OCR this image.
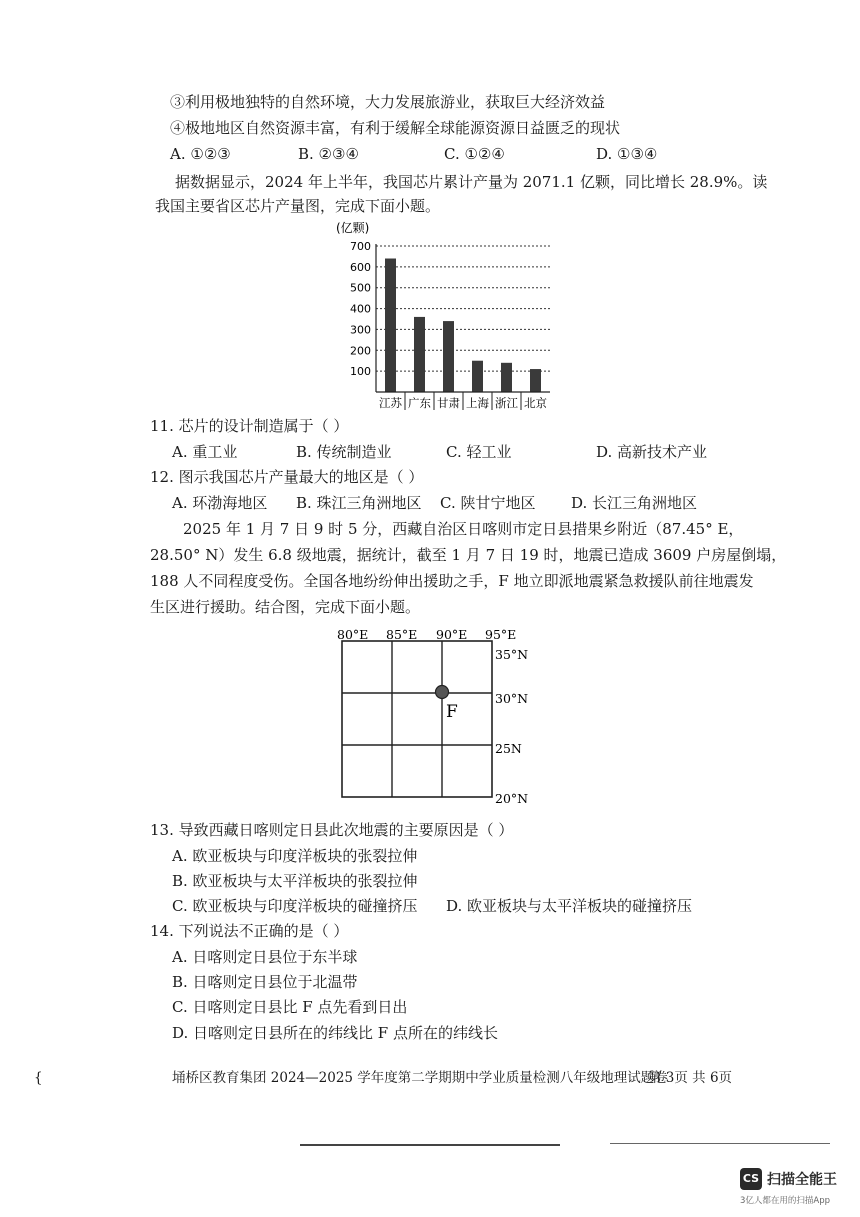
③利用极地独特的自然环境，大力发展旅游业，获取巨大经济效益
④极地地区自然资源丰富，有利于缓解全球能源资源日益匮乏的现状
A. ①②③	B. ②③④	C. ①②④	D. ①③④
据数据显示，2024 年上半年，我国芯片累计产量为 2071.1 亿颗，同比增长 28.9%。读
我国主要省区芯片产量图，完成下面小题。
(亿颗)
100
200
300
400
500
600
700
江苏 广东 甘肃 上海 浙江 北京
11. 芯片的设计制造属于（ ）
A. 重工业	B. 传统制造业	C. 轻工业	D. 高新技术产业
12. 图示我国芯片产量最大的地区是（ ）
A. 环渤海地区 B. 珠江三角洲地区 C. 陕甘宁地区 D. 长江三角洲地区
2025 年 1 月 7 日 9 时 5 分，西藏自治区日喀则市定日县措果乡附近（87.45° E，
28.50° N）发生 6.8 级地震，据统计，截至 1 月 7 日 19 时，地震已造成 3609 户房屋倒塌，
188 人不同程度受伤。全国各地纷纷伸出援助之手，F 地立即派地震紧急救援队前往地震发
生区进行援助。结合图，完成下面小题。
80°E 85°E 90°E 95°E
35°N
30°N
25N
20°N
F
13. 导致西藏日喀则定日县此次地震的主要原因是（ ）
A. 欧亚板块与印度洋板块的张裂拉伸
B. 欧亚板块与太平洋板块的张裂拉伸
C. 欧亚板块与印度洋板块的碰撞挤压 D. 欧亚板块与太平洋板块的碰撞挤压
14. 下列说法不正确的是（ ）
A. 日喀则定日县位于东半球
B. 日喀则定日县位于北温带
C. 日喀则定日县比 F 点先看到日出
D. 日喀则定日县所在的纬线比 F 点所在的纬线长
{	埇桥区教育集团 2024—2025 学年度第二学期期中学业质量检测八年级地理试题卷
第 3页 共 6页
CS 扫描全能王
3亿人都在用的扫描App
